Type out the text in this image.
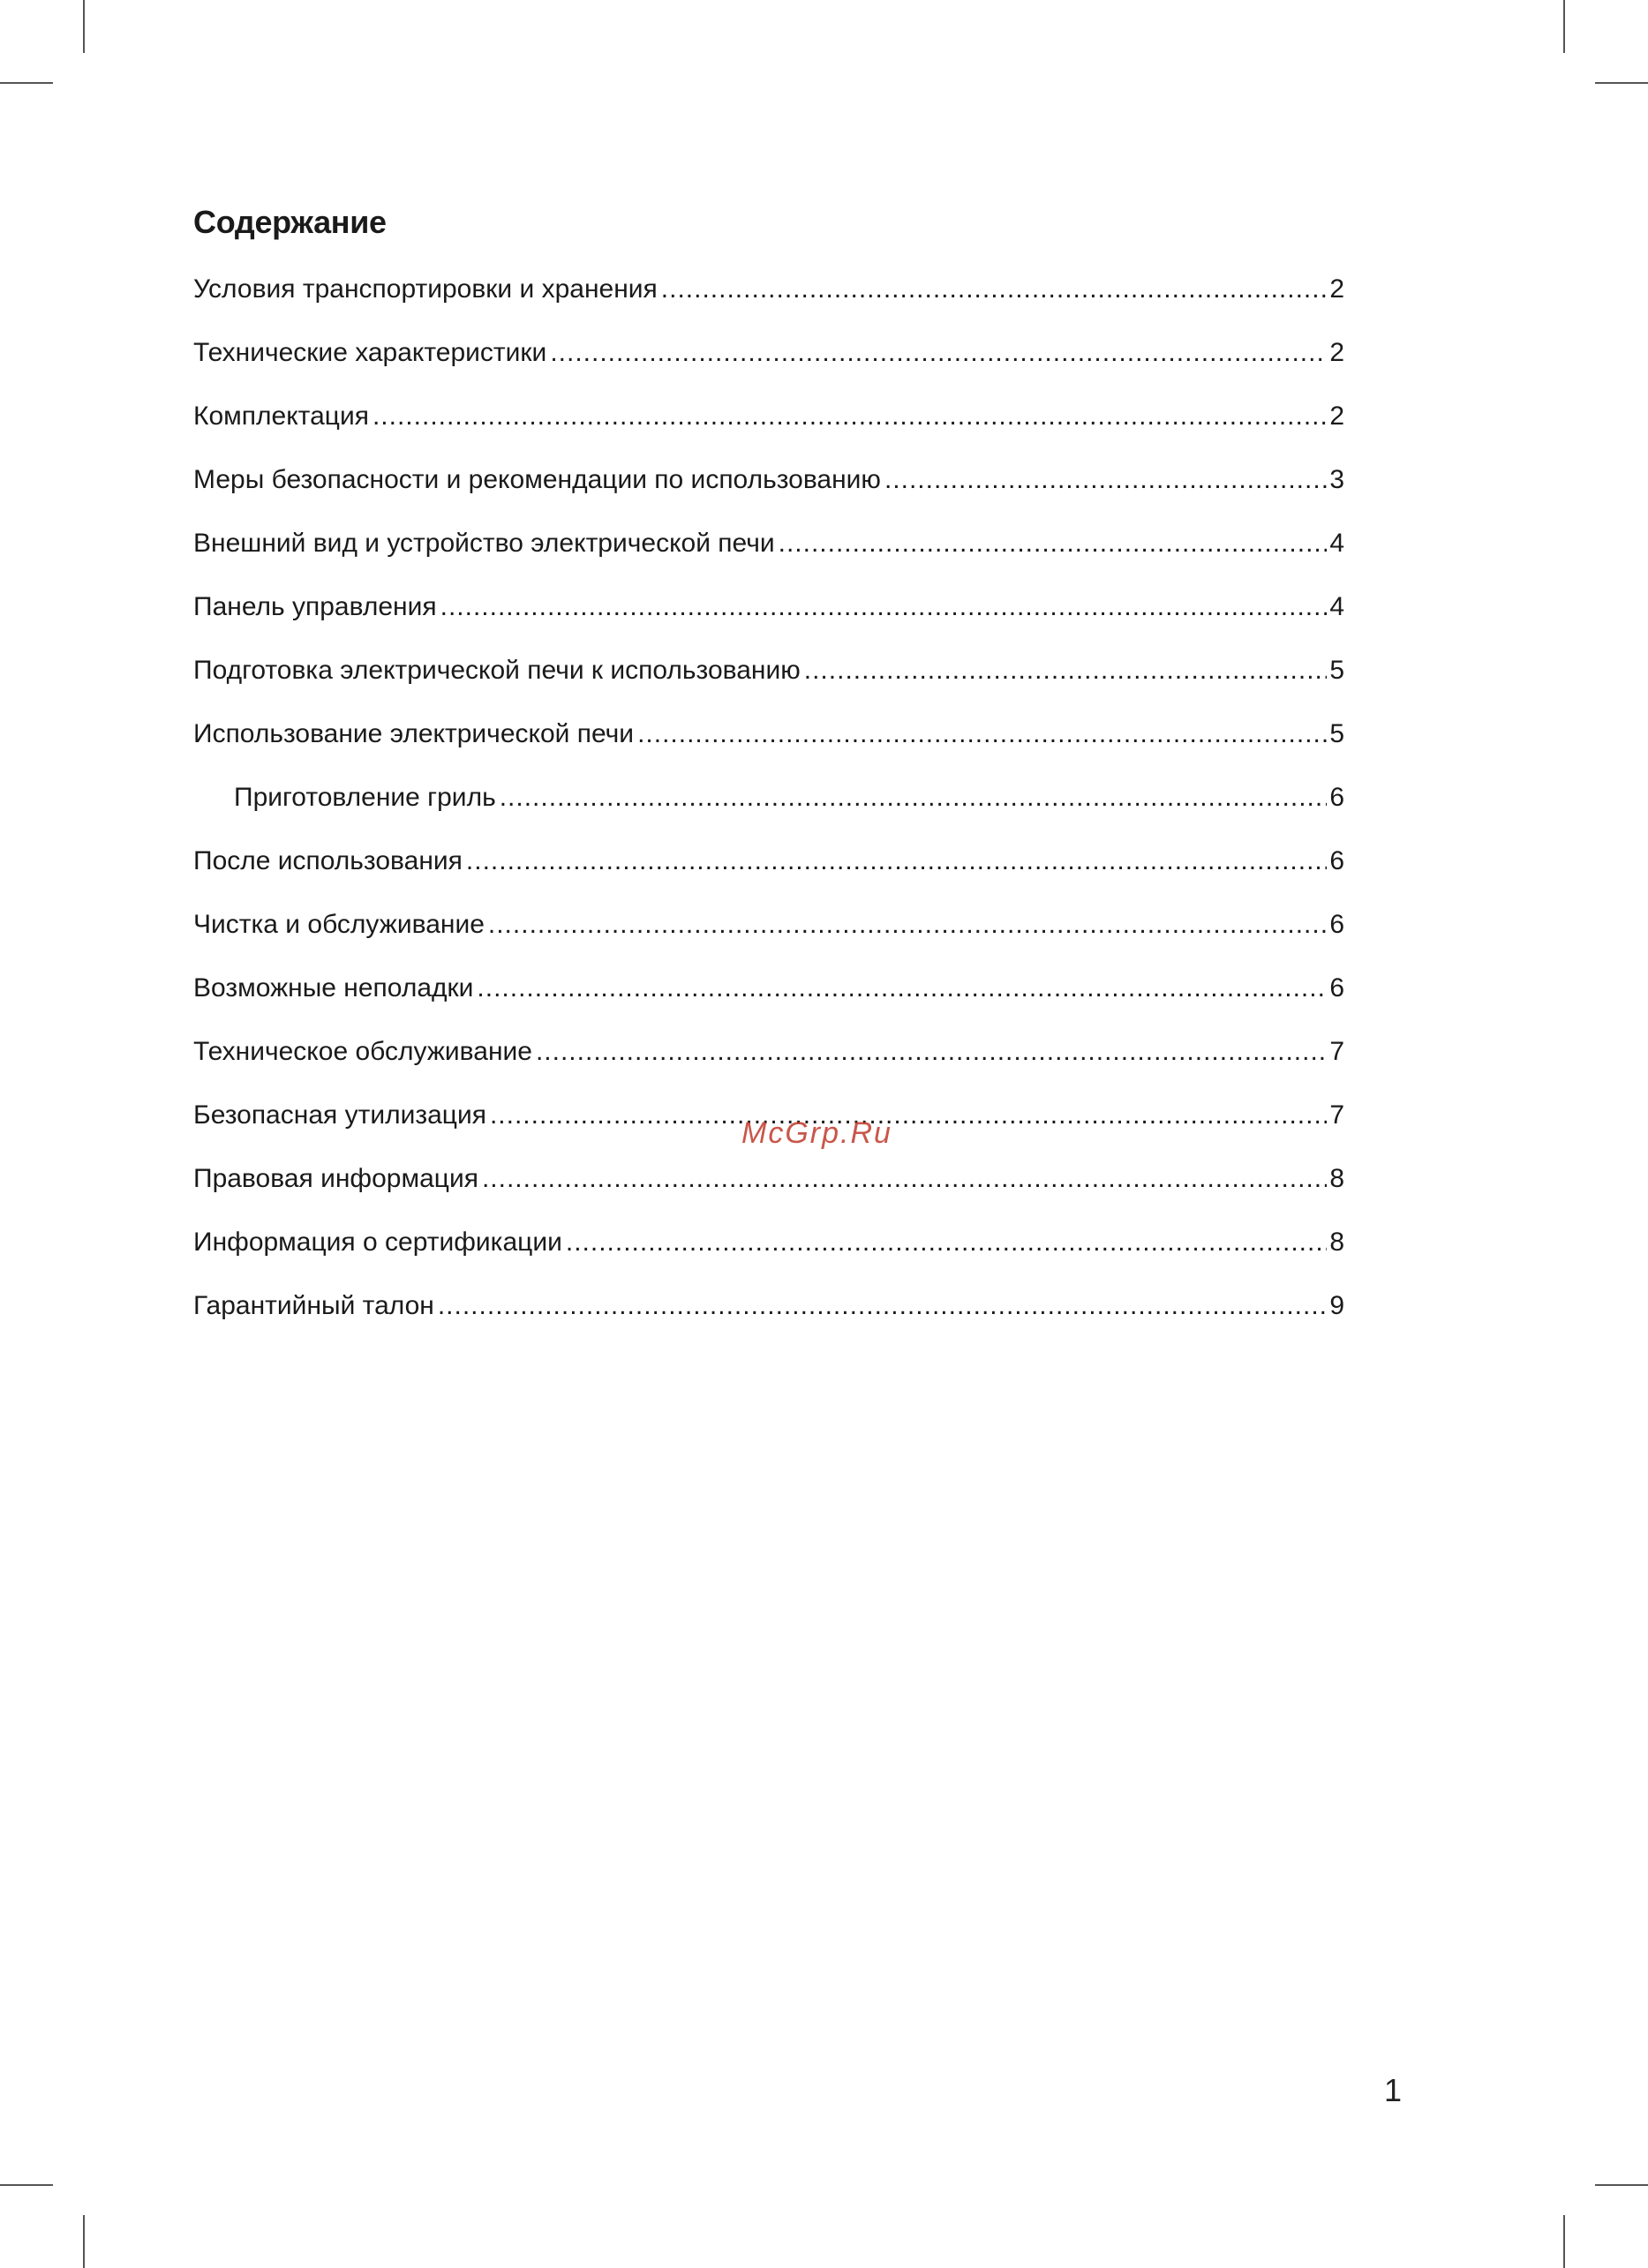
Содержание
Условия транспортировки и хранения .....	2
Технические характеристики .....	2
Комплектация .....	2
Меры безопасности и рекомендации по использованию .....	3
Внешний вид и устройство электрической печи .....	4
Панель управления .....	4
Подготовка электрической печи к использованию .....	5
Использование электрической печи .....	5
Приготовление гриль .....	6
После использования .....	6
Чистка и обслуживание .....	6
Возможные неполадки .....	6
Техническое обслуживание .....	7
Безопасная утилизация .....	7
Правовая информация .....	8
Информация о сертификации .....	8
Гарантийный талон .....	9
McGrp.Ru
1
